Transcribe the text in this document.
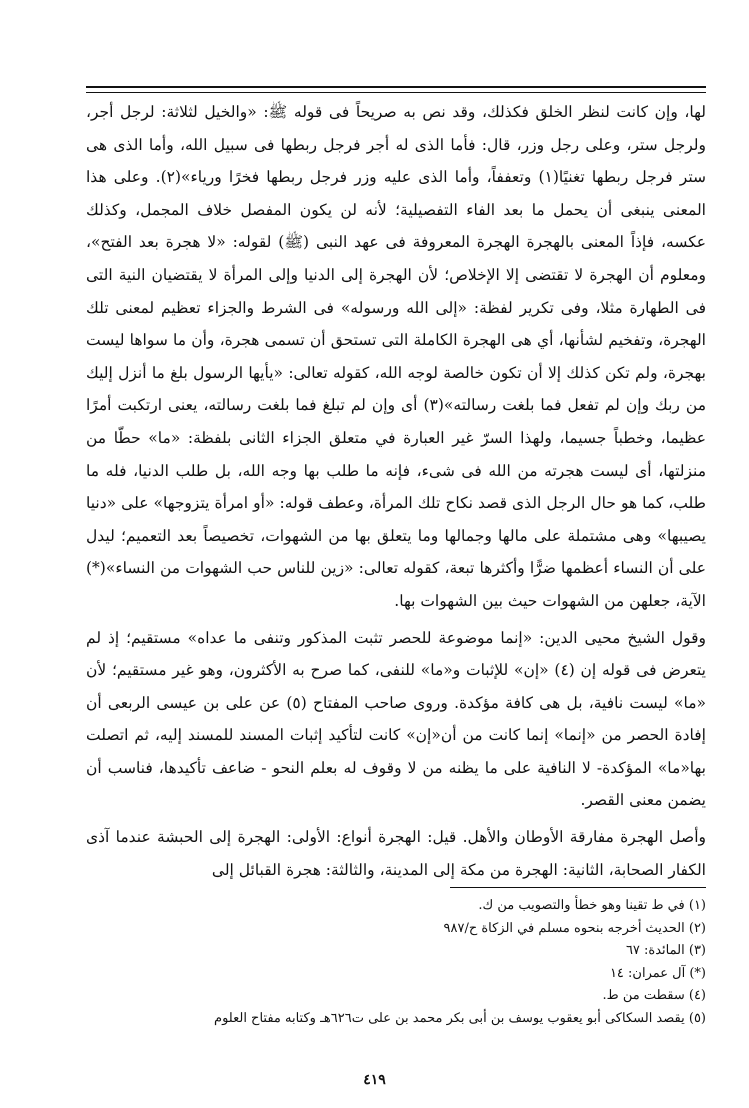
لها، وإن كانت لنظر الخلق فكذلك، وقد نص به صريحاً فى قوله ﷺ: «والخيل لثلاثة: لرجل أجر، ولرجل ستر، وعلى رجل وزر، قال: فأما الذى له أجر فرجل ربطها فى سبيل الله، وأما الذى هى ستر فرجل ربطها تغنيًا(١) وتعففاً، وأما الذى عليه وزر فرجل ربطها فخرًا ورياء»(٢). وعلى هذا المعنى ينبغى أن يحمل ما بعد الفاء التفصيلية؛ لأنه لن يكون المفصل خلاف المجمل، وكذلك عكسه، فإذاً المعنى بالهجرة الهجرة المعروفة فى عهد النبى (ﷺ) لقوله: «لا هجرة بعد الفتح»، ومعلوم أن الهجرة لا تقتضى إلا الإخلاص؛ لأن الهجرة إلى الدنيا وإلى المرأة لا يقتضيان النية التى فى الطهارة مثلا، وفى تكرير لفظة: «إلى الله ورسوله» فى الشرط والجزاء تعظيم لمعنى تلك الهجرة، وتفخيم لشأنها، أي هى الهجرة الكاملة التى تستحق أن تسمى هجرة، وأن ما سواها ليست بهجرة، ولم تكن كذلك إلا أن تكون خالصة لوجه الله، كقوله تعالى: «يأيها الرسول بلغ ما أنزل إليك من ربك وإن لم تفعل فما بلغت رسالته»(٣) أى وإن لم تبلغ فما بلغت رسالته، يعنى ارتكبت أمرًا عظيما، وخطباً جسيما، ولهذا السرّ غير العبارة في متعلق الجزاء الثانى بلفظة: «ما» حطّا من منزلتها، أى ليست هجرته من الله فى شىء، فإنه ما طلب بها وجه الله، بل طلب الدنيا، فله ما طلب، كما هو حال الرجل الذى قصد نكاح تلك المرأة، وعطف قوله: «أو امرأة يتزوجها» على «دنيا يصيبها» وهى مشتملة على مالها وجمالها وما يتعلق بها من الشهوات، تخصيصاً بعد التعميم؛ ليدل على أن النساء أعظمها ضرًّا وأكثرها تبعة، كقوله تعالى: «زين للناس حب الشهوات من النساء»(*) الآية، جعلهن من الشهوات حيث بين الشهوات بها.

وقول الشيخ محيى الدين: «إنما موضوعة للحصر تثبت المذكور وتنفى ما عداه» مستقيم؛ إذ لم يتعرض فى قوله إن (٤) «إن» للإثبات و«ما» للنفى، كما صرح به الأكثرون، وهو غير مستقيم؛ لأن «ما» ليست نافية، بل هى كافة مؤكدة. وروى صاحب المفتاح (٥) عن على بن عيسى الربعى أن إفادة الحصر من «إنما» إنما كانت من أن«إن» كانت لتأكيد إثبات المسند للمسند إليه، ثم اتصلت بها«ما» المؤكدة- لا النافية على ما يظنه من لا وقوف له بعلم النحو - ضاعف تأكيدها، فناسب أن يضمن معنى القصر.

وأصل الهجرة مفارقة الأوطان والأهل. قيل: الهجرة أنواع: الأولى: الهجرة إلى الحبشة عندما آذى الكفار الصحابة، الثانية: الهجرة من مكة إلى المدينة، والثالثة: هجرة القبائل إلى

(١) في ط تقينا وهو خطأ والتصويب من ك.
(٢) الحديث أخرجه بنحوه مسلم في الزكاة ح/٩٨٧
(٣) المائدة: ٦٧
(*) آل عمران: ١٤
(٤) سقطت من ط.
(٥) يقصد السكاكى أبو يعقوب يوسف بن أبى بكر محمد بن على ت٦٢٦هـ وكتابه مفتاح العلوم
٤١٩
